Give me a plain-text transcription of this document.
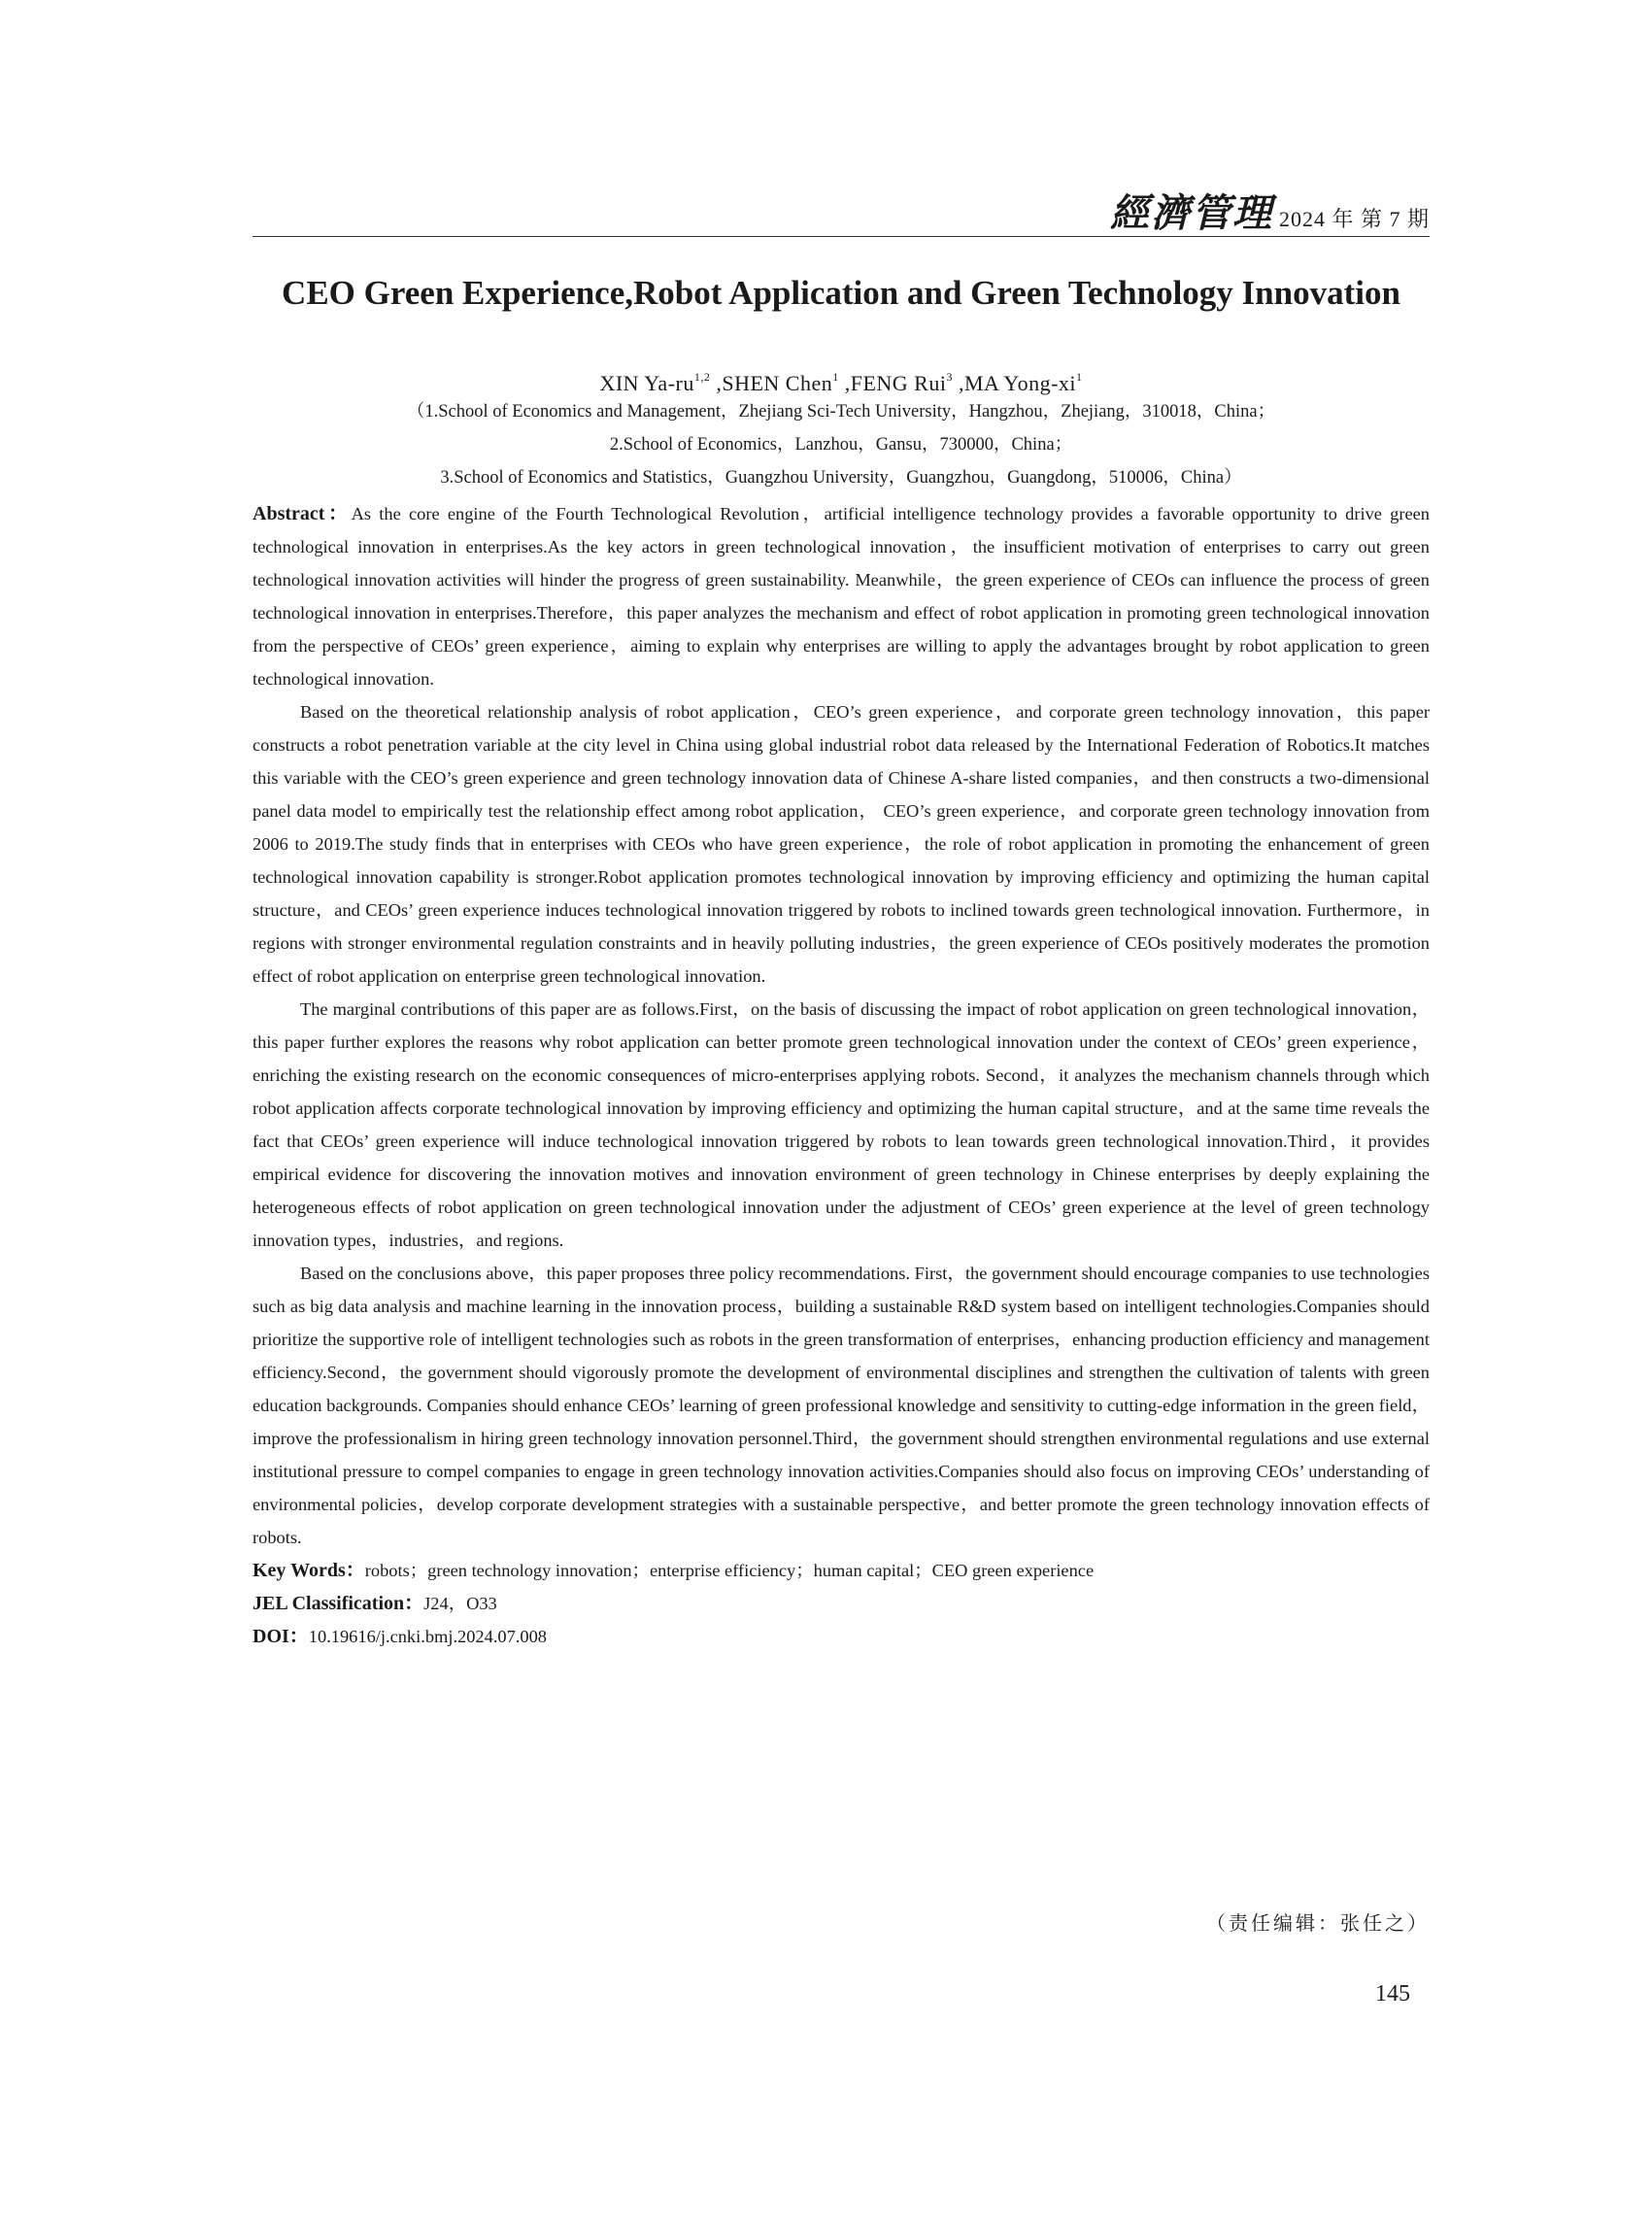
經濟管理 2024 年 第 7 期
CEO Green Experience,Robot Application and Green Technology Innovation
XIN Ya-ru$^{1,2}$ ,SHEN Chen$^1$ ,FENG Rui$^3$ ,MA Yong-$xi^1$
（1.School of Economics and Management，Zhejiang Sci-Tech University，Hangzhou，Zhejiang，310018，China；
2.School of Economics，Lanzhou，Gansu，730000，China；
3.School of Economics and Statistics，Guangzhou University，Guangzhou，Guangdong，510006，China）

Abstract：As the core engine of the Fourth Technological Revolution，artificial intelligence technology provides a favorable opportunity to drive green technological innovation in enterprises.As the key actors in green technological innovation，the insufficient motivation of enterprises to carry out green technological innovation activities will hinder the progress of green sustainability. Meanwhile，the green experience of CEOs can influence the process of green technological innovation in enterprises.Therefore，this paper analyzes the mechanism and effect of robot application in promoting green technological innovation from the perspective of CEOs’ green experience，aiming to explain why enterprises are willing to apply the advantages brought by robot application to green technological innovation.

Based on the theoretical relationship analysis of robot application，CEO’s green experience，and corporate green technology innovation，this paper constructs a robot penetration variable at the city level in China using global industrial robot data released by the International Federation of Robotics.It matches this variable with the CEO’s green experience and green technology innovation data of Chinese A-share listed companies，and then constructs a two-dimensional panel data model to empirically test the relationship effect among robot application， CEO’s green experience，and corporate green technology innovation from 2006 to 2019.The study finds that in enterprises with CEOs who have green experience，the role of robot application in promoting the enhancement of green technological innovation capability is stronger.Robot application promotes technological innovation by improving efficiency and optimizing the human capital structure，and CEOs’ green experience induces technological innovation triggered by robots to inclined towards green technological innovation. Furthermore，in regions with stronger environmental regulation constraints and in heavily polluting industries，the green experience of CEOs positively moderates the promotion effect of robot application on enterprise green technological innovation.

The marginal contributions of this paper are as follows.First，on the basis of discussing the impact of robot application on green technological innovation，this paper further explores the reasons why robot application can better promote green technological innovation under the context of CEOs’ green experience，enriching the existing research on the economic consequences of micro-enterprises applying robots. Second，it analyzes the mechanism channels through which robot application affects corporate technological innovation by improving efficiency and optimizing the human capital structure，and at the same time reveals the fact that CEOs’ green experience will induce technological innovation triggered by robots to lean towards green technological innovation.Third，it provides empirical evidence for discovering the innovation motives and innovation environment of green technology in Chinese enterprises by deeply explaining the heterogeneous effects of robot application on green technological innovation under the adjustment of CEOs’ green experience at the level of green technology innovation types，industries，and regions.

Based on the conclusions above，this paper proposes three policy recommendations. First，the government should encourage companies to use technologies such as big data analysis and machine learning in the innovation process，building a sustainable R&D system based on intelligent technologies.Companies should prioritize the supportive role of intelligent technologies such as robots in the green transformation of enterprises，enhancing production efficiency and management efficiency.Second，the government should vigorously promote the development of environmental disciplines and strengthen the cultivation of talents with green education backgrounds. Companies should enhance CEOs’ learning of green professional knowledge and sensitivity to cutting-edge information in the green field，improve the professionalism in hiring green technology innovation personnel.Third，the government should strengthen environmental regulations and use external institutional pressure to compel companies to engage in green technology innovation activities.Companies should also focus on improving CEOs’ understanding of environmental policies，develop corporate development strategies with a sustainable perspective，and better promote the green technology innovation effects of robots.

Key Words：robots；green technology innovation；enterprise efficiency；human capital；CEO green experience

JEL Classification：J24，O33

DOI：10.19616/j.cnki.bmj.2024.07.008

（责任编辑：张任之）
145
